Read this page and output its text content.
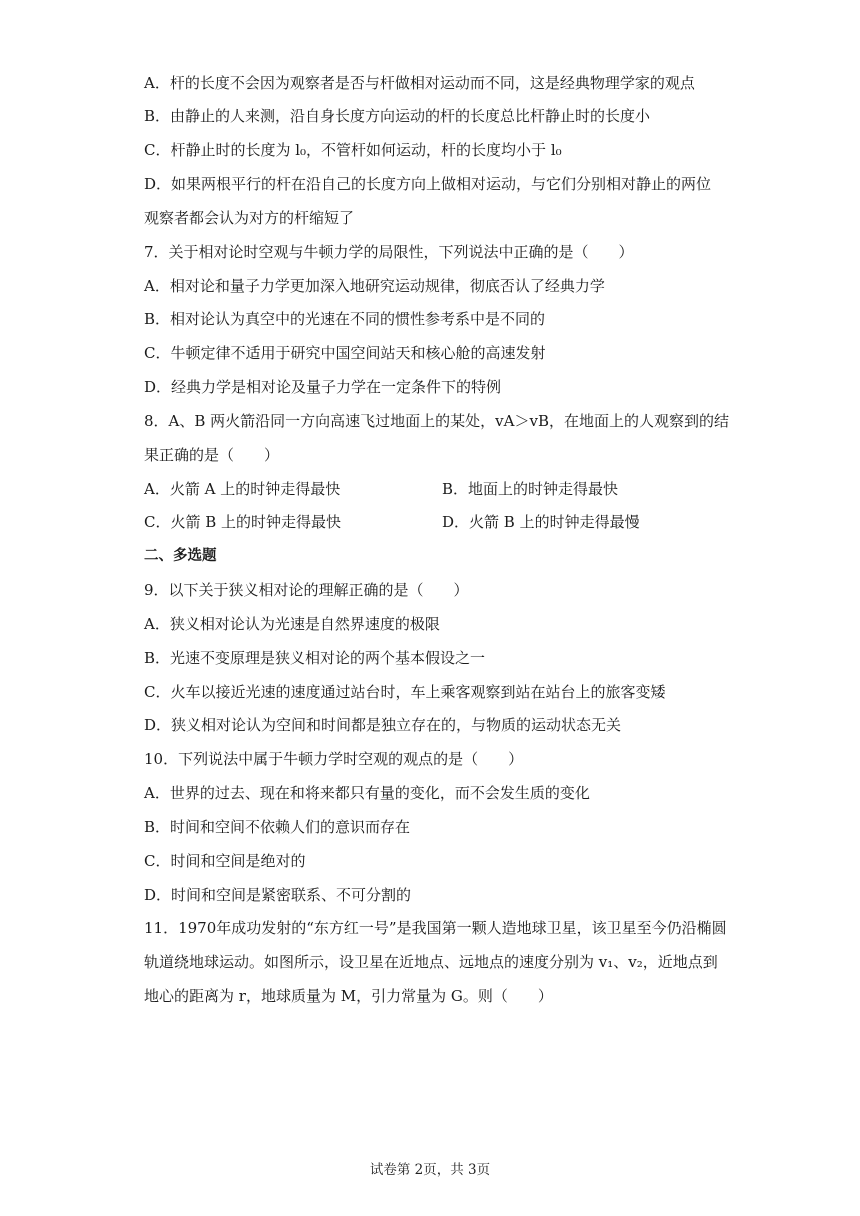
A．杆的长度不会因为观察者是否与杆做相对运动而不同，这是经典物理学家的观点
B．由静止的人来测，沿自身长度方向运动的杆的长度总比杆静止时的长度小
C．杆静止时的长度为 l₀，不管杆如何运动，杆的长度均小于 l₀
D．如果两根平行的杆在沿自己的长度方向上做相对运动，与它们分别相对静止的两位
观察者都会认为对方的杆缩短了
7．关于相对论时空观与牛顿力学的局限性，下列说法中正确的是（　　）
A．相对论和量子力学更加深入地研究运动规律，彻底否认了经典力学
B．相对论认为真空中的光速在不同的惯性参考系中是不同的
C．牛顿定律不适用于研究中国空间站天和核心舱的高速发射
D．经典力学是相对论及量子力学在一定条件下的特例
8．A、B 两火箭沿同一方向高速飞过地面上的某处，vA＞vB，在地面上的人观察到的结
果正确的是（　　）
A．火箭 A 上的时钟走得最快	B．地面上的时钟走得最快
C．火箭 B 上的时钟走得最快	D．火箭 B 上的时钟走得最慢
二、多选题
9．以下关于狭义相对论的理解正确的是（　　）
A．狭义相对论认为光速是自然界速度的极限
B．光速不变原理是狭义相对论的两个基本假设之一
C．火车以接近光速的速度通过站台时，车上乘客观察到站在站台上的旅客变矮
D．狭义相对论认为空间和时间都是独立存在的，与物质的运动状态无关
10．下列说法中属于牛顿力学时空观的观点的是（　　）
A．世界的过去、现在和将来都只有量的变化，而不会发生质的变化
B．时间和空间不依赖人们的意识而存在
C．时间和空间是绝对的
D．时间和空间是紧密联系、不可分割的
11．1970年成功发射的“东方红一号”是我国第一颗人造地球卫星，该卫星至今仍沿椭圆
轨道绕地球运动。如图所示，设卫星在近地点、远地点的速度分别为 v₁、v₂，近地点到
地心的距离为 r，地球质量为 M，引力常量为 G。则（　　）
试卷第 2页，共 3页
